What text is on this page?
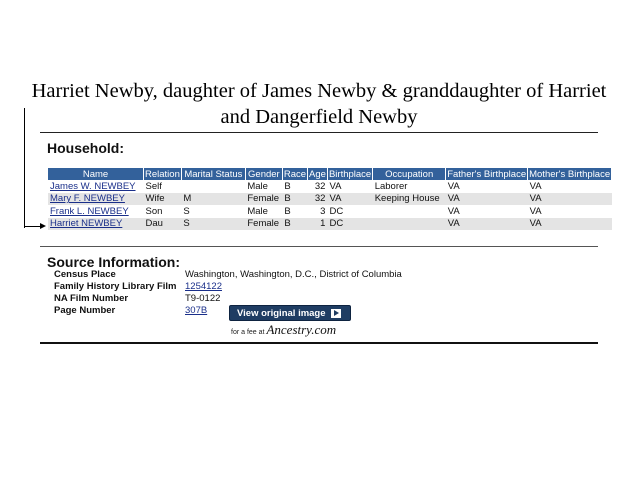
Harriet Newby, daughter of James Newby & granddaughter of Harriet
and Dangerfield Newby
Household:
Name	Relation	Marital Status	Gender	Race	Age	Birthplace	Occupation	Father's Birthplace	Mother's Birthplace
James W. NEWBEY	Self		Male	B	32	VA	Laborer	VA	VA
Mary F. NEWBEY	Wife	M	Female	B	32	VA	Keeping House	VA	VA
Frank L. NEWBEY	Son	S	Male	B	3	DC		VA	VA
Harriet NEWBEY	Dau	S	Female	B	1	DC		VA	VA
Source Information:
Census Place	Washington, Washington, D.C., District of Columbia
Family History Library Film 1254122
NA Film Number	T9-0122
Page Number	307B	View original image
for a fee at Ancestry.com
